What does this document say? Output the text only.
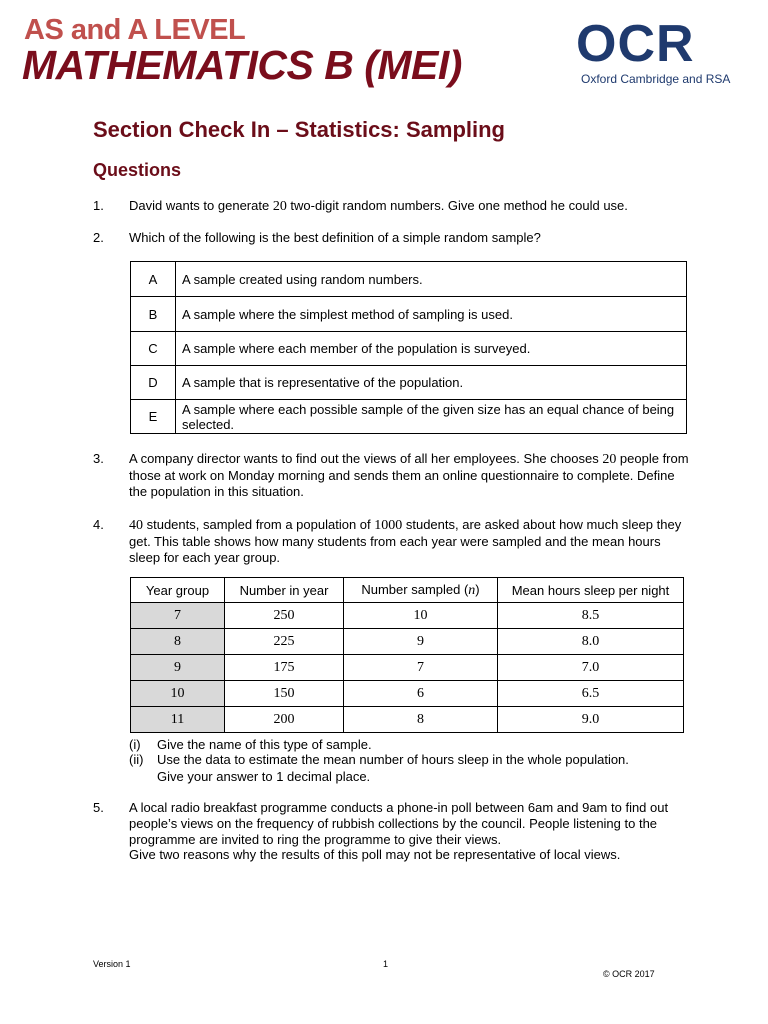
AS and A LEVEL
MATHEMATICS B (MEI) OCR
Oxford Cambridge and RSA
Section Check In – Statistics: Sampling
Questions
1. David wants to generate 20 two-digit random numbers. Give one method he could use.
2. Which of the following is the best definition of a simple random sample?
A	A sample created using random numbers.
B	A sample where the simplest method of sampling is used.
C	A sample where each member of the population is surveyed.
D	A sample that is representative of the population.
E	A sample where each possible sample of the given size has an equal chance of being selected.
3. A company director wants to find out the views of all her employees. She chooses 20 people from those at work on Monday morning and sends them an online questionnaire to complete. Define the population in this situation.
4. 40 students, sampled from a population of 1000 students, are asked about how much sleep they get. This table shows how many students from each year were sampled and the mean hours sleep for each year group.
Year group	Number in year	Number sampled (n)	Mean hours sleep per night
7	250	10	8.5
8	225	9	8.0
9	175	7	7.0
10	150	6	6.5
11	200	8	9.0
(i) Give the name of this type of sample.
(ii) Use the data to estimate the mean number of hours sleep in the whole population.
Give your answer to 1 decimal place.
5. A local radio breakfast programme conducts a phone-in poll between 6am and 9am to find out people’s views on the frequency of rubbish collections by the council. People listening to the programme are invited to ring the programme to give their views.
Give two reasons why the results of this poll may not be representative of local views.
Version 1	1
© OCR 2017
